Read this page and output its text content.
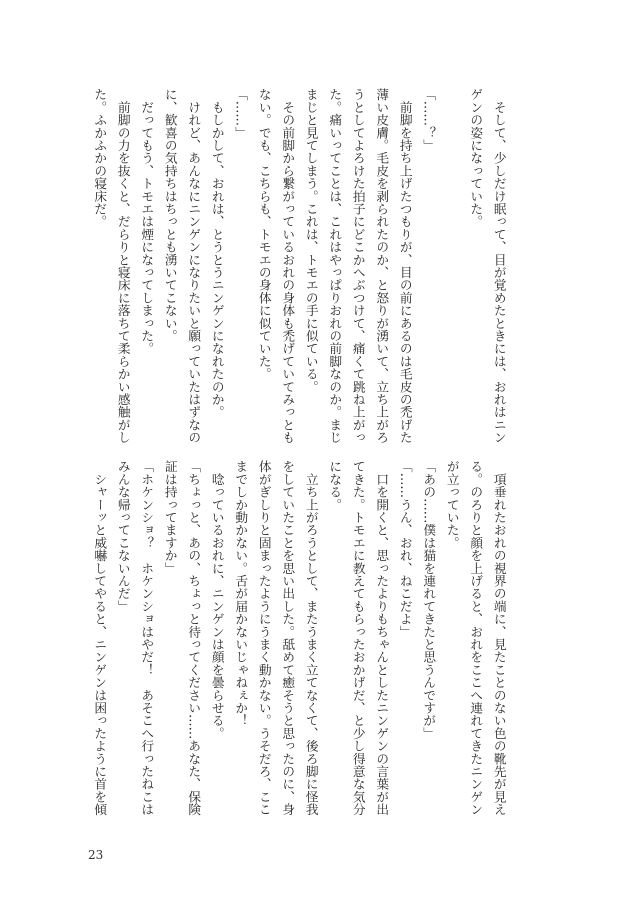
　そして、少しだけ眠って、目が覚めたときには、おれはニン
ゲンの姿になっていた。
「……？」
　前脚を持ち上げたつもりが、目の前にあるのは毛皮の禿げた
薄い皮膚。毛皮を剥られたのか、と怒りが湧いて、立ち上がろ
うとしてよろけた拍子にどこかへぶつけて、痛くて跳ね上がっ
た。痛いってことは、これはやっぱりおれの前脚なのか。まじ
まじと見てしまう。これは、トモエの手に似ている。
　その前脚から繋がっているおれの身体も禿げていてみっとも
ない。でも、こちらも、トモエの身体に似ていた。
「……」
　もしかして、おれは、とうとうニンゲンになれたのか。
　けれど、あんなにニンゲンになりたいと願っていたはずなの
に、歓喜の気持ちはちっとも湧いてこない。
　だってもう、トモエは煙になってしまった。
　前脚の力を抜くと、だらりと寝床に落ちて柔らかい感触がし
た。ふかふかの寝床だ。
　項垂れたおれの視界の端に、見たことのない色の靴先が見え
る。のろりと顔を上げると、おれをここへ連れてきたニンゲン
が立っていた。
「あの……僕は猫を連れてきたと思うんですが」
「……うん、おれ、ねこだよ」
　口を開くと、思ったよりもちゃんとしたニンゲンの言葉が出
てきた。トモエに教えてもらったおかげだ、と少し得意な気分
になる。
　立ち上がろうとして、またうまく立てなくて、後ろ脚に怪我
をしていたことを思い出した。舐めて癒そうと思ったのに、身
体がぎしりと固まったようにうまく動かない。うそだろ、ここ
までしか動かない。舌が届かないじゃねぇか！
　唸っているおれに、ニンゲンは顔を曇らせる。
「ちょっと、あの、ちょっと待ってください……あなた、保険
証は持ってますか」
「ホケンショ？　ホケンショはやだ！　あそこへ行ったねこは
みんな帰ってこないんだ」
　シャーッと威嚇してやると、ニンゲンは困ったように首を傾
23
